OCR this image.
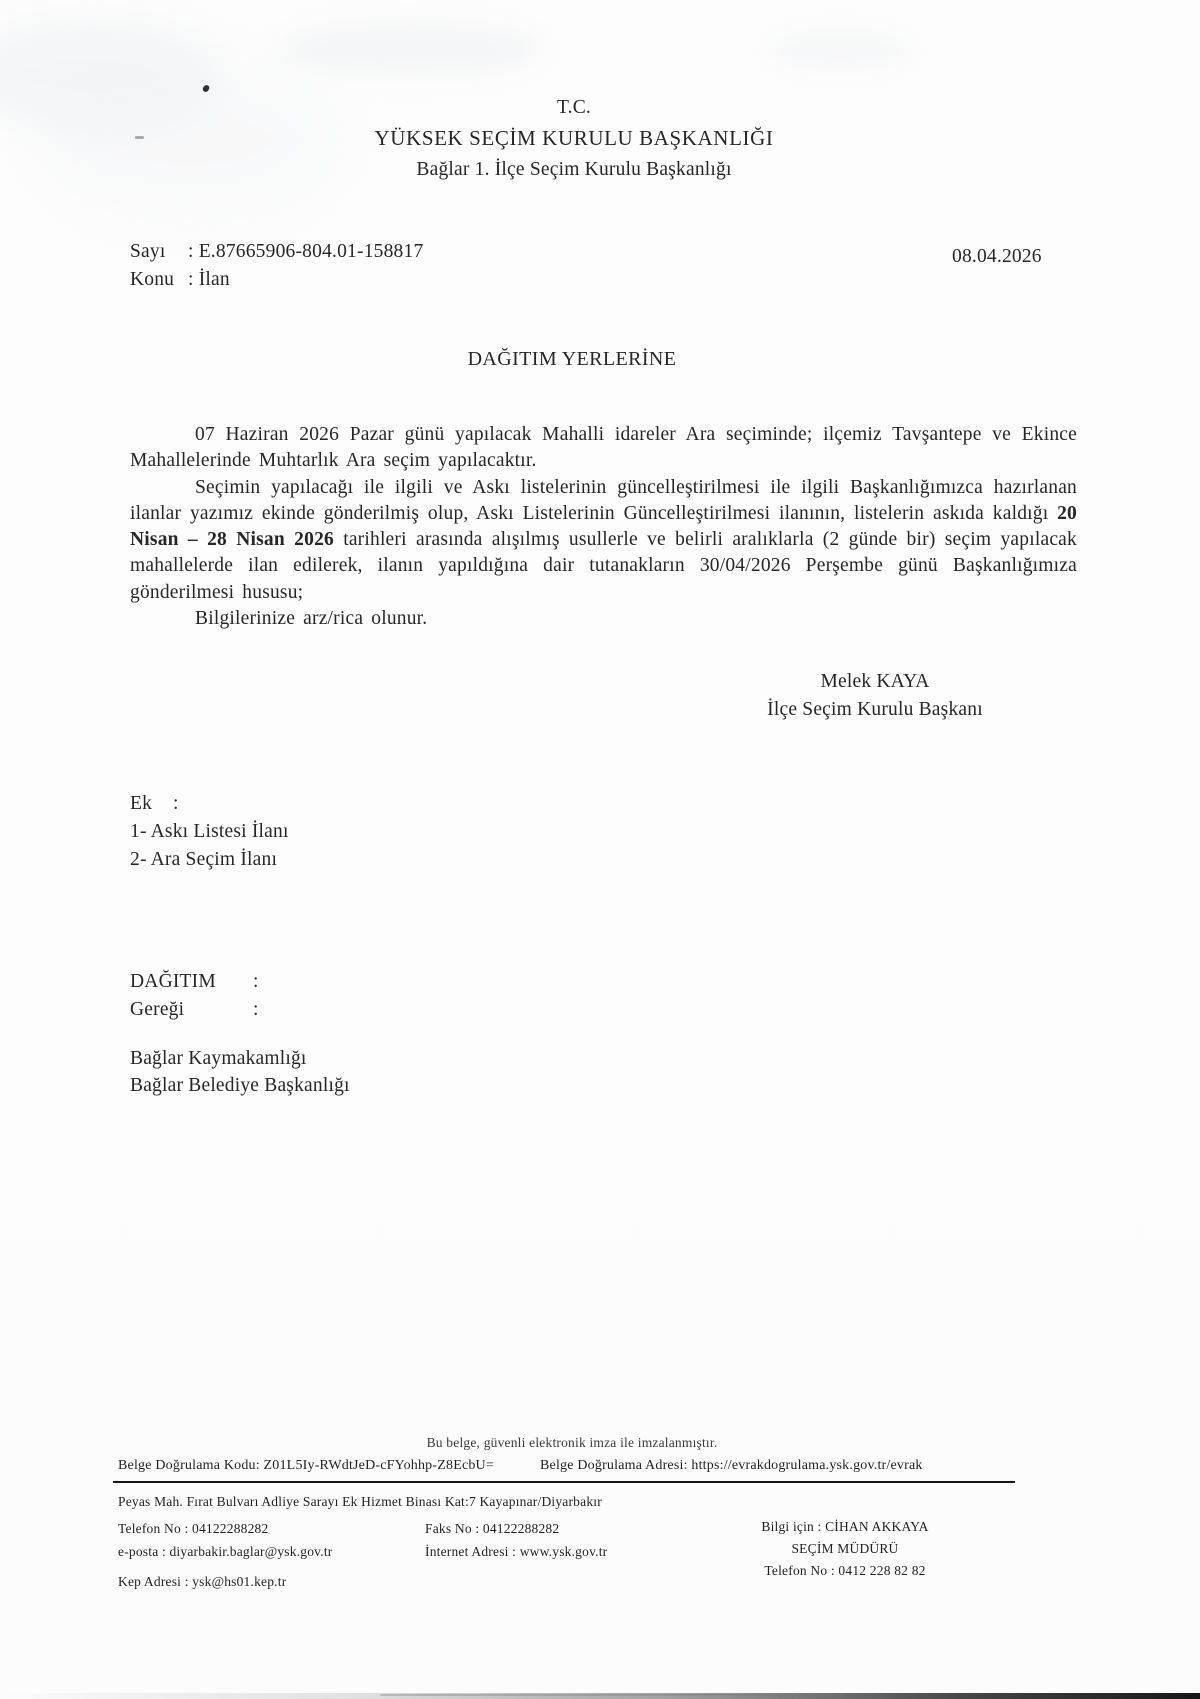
T.C.
YÜKSEK SEÇİM KURULU BAŞKANLIĞI
Bağlar 1. İlçe Seçim Kurulu Başkanlığı
Sayı : E.87665906-804.01-158817
Konu : İlan
08.04.2026
DAĞITIM YERLERİNE

07 Haziran 2026 Pazar günü yapılacak Mahalli idareler Ara seçiminde; ilçemiz Tavşantepe ve Ekince Mahallelerinde Muhtarlık Ara seçim yapılacaktır.

Seçimin yapılacağı ile ilgili ve Askı listelerinin güncelleştirilmesi ile ilgili Başkanlığımızca hazırlanan ilanlar yazımız ekinde gönderilmiş olup, Askı Listelerinin Güncelleştirilmesi ilanının, listelerin askıda kaldığı 20 Nisan – 28 Nisan 2026 tarihleri arasında alışılmış usullerle ve belirli aralıklarla (2 günde bir) seçim yapılacak mahallelerde ilan edilerek, ilanın yapıldığına dair tutanakların 30/04/2026 Perşembe günü Başkanlığımıza gönderilmesi hususu;

Bilgilerinize arz/rica olunur.

Melek KAYA
İlçe Seçim Kurulu Başkanı
Ek :
1- Askı Listesi İlanı
2- Ara Seçim İlanı
DAĞITIM :
Gereği	:
Bağlar Kaymakamlığı
Bağlar Belediye Başkanlığı
Bu belge, güvenli elektronik imza ile imzalanmıştır.
Belge Doğrulama Kodu: Z01L5Iy-RWdtJeD-cFYohhp-Z8EcbU=	Belge Doğrulama Adresi: https://evrakdogrulama.ysk.gov.tr/evrak
Peyas Mah. Fırat Bulvarı Adliye Sarayı Ek Hizmet Binası Kat:7 Kayapınar/Diyarbakır
Telefon No : 04122288282	Faks No : 04122288282
e-posta : diyarbakir.baglar@ysk.gov.tr	İnternet Adresi : www.ysk.gov.tr
Kep Adresi : ysk@hs01.kep.tr
Bilgi için : CİHAN AKKAYA
SEÇİM MÜDÜRÜ
Telefon No : 0412 228 82 82
